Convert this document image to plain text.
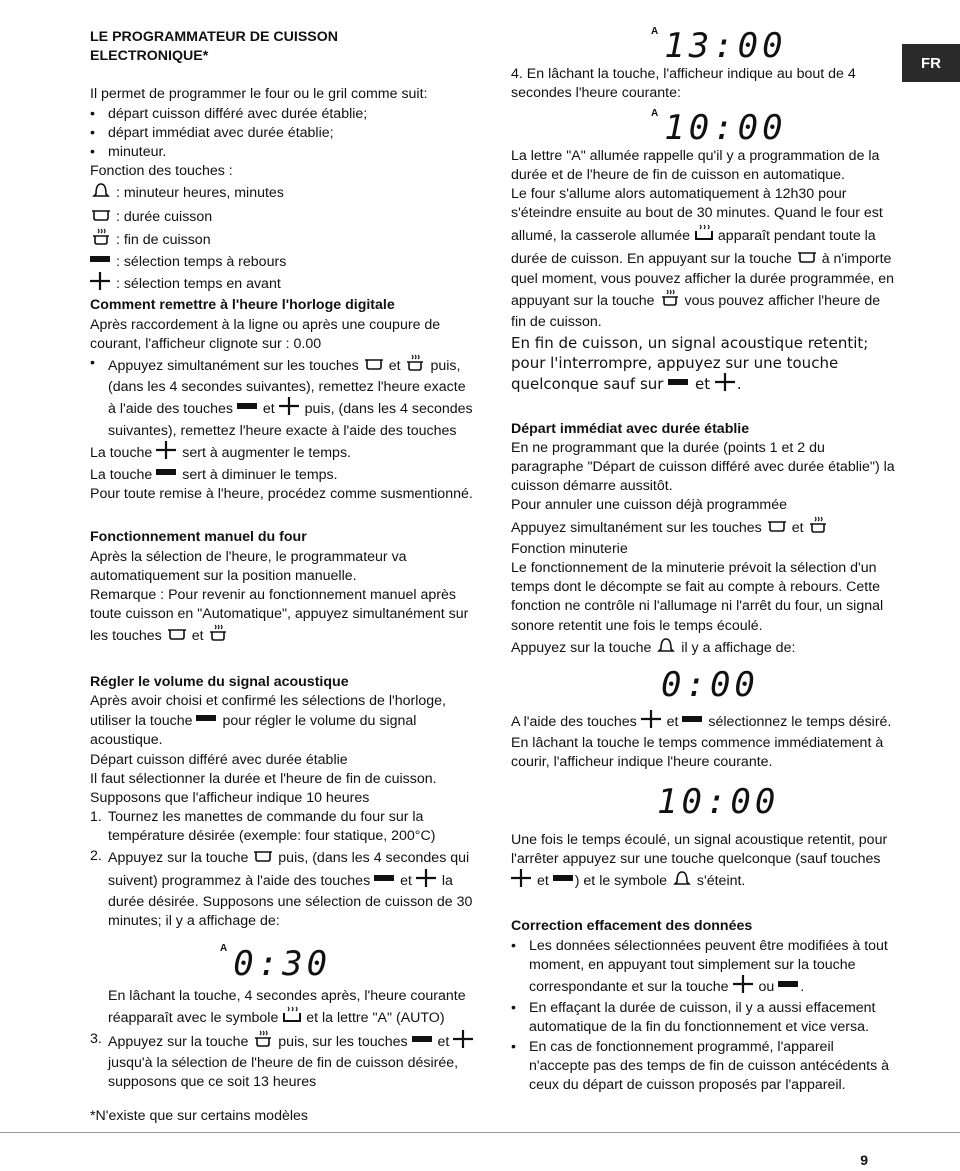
FR
LE PROGRAMMATEUR DE CUISSON
ELECTRONIQUE*

Il permet de programmer le four ou le gril comme suit:

• départ cuisson différé avec durée établie;

• départ immédiat avec durée établie;

• minuteur.

Fonction des touches :

: minuteur heures, minutes

: durée cuisson

: fin de cuisson

: sélection temps à rebours

: sélection temps en avant

Comment remettre à l'heure l'horloge digitale

Après raccordement à la ligne ou après une coupure de courant, l'afficheur clignote sur : 0.00

• Appuyez simultanément sur les touches et puis, (dans les 4 secondes suivantes), remettez l'heure exacte à l'aide des touches et puis, (dans les 4 secondes suivantes), remettez l'heure exacte à l'aide des touches

La touche sert à augmenter le temps.

La touche sert à diminuer le temps.

Pour toute remise à l'heure, procédez comme susmentionné.

Fonctionnement manuel du four

Après la sélection de l'heure, le programmateur va automatiquement sur la position manuelle.

Remarque : Pour revenir au fonctionnement manuel après toute cuisson en "Automatique", appuyez simultanément sur les touches et

Régler le volume du signal acoustique

Après avoir choisi et confirmé les sélections de l'horloge, utiliser la touche pour régler le volume du signal acoustique.

Départ cuisson différé avec durée établie

Il faut sélectionner la durée et l'heure de fin de cuisson.

Supposons que l'afficheur indique 10 heures

1. Tournez les manettes de commande du four sur la température désirée (exemple: four statique, 200°C)

2. Appuyez sur la touche puis, (dans les 4 secondes qui suivent) programmez à l'aide des touches et la durée désirée. Supposons une sélection de cuisson de 30 minutes; il y a affichage de:

A 0:30

En lâchant la touche, 4 secondes après, l'heure courante réapparaît avec le symbole et la lettre "A" (AUTO)

3. Appuyez sur la touche puis, sur les touches et  jusqu'à la sélection de l'heure de fin de cuisson désirée, supposons que ce soit 13 heures

*N'existe que sur certains modèles

A 13:00

4. En lâchant la touche, l'afficheur indique au bout de 4 secondes l'heure courante:

A 10:00

La lettre "A" allumée rappelle qu'il y a programmation de la durée et de l'heure de fin de cuisson en automatique.

Le four s'allume alors automatiquement à 12h30 pour s'éteindre ensuite au bout de 30 minutes. Quand le four est allumé, la casserole allumée apparaît pendant toute la durée de cuisson. En appuyant sur la touche à n'importe quel moment, vous pouvez afficher la durée programmée, en appuyant sur la touche vous pouvez afficher l'heure de fin de cuisson.

En fin de cuisson, un signal acoustique retentit; pour l'interrompre, appuyez sur une touche quelconque sauf sur et .

Départ immédiat avec durée établie

En ne programmant que la durée (points 1 et 2 du paragraphe "Départ de cuisson différé avec durée établie") la cuisson démarre aussitôt.

Pour annuler une cuisson déjà programmée

Appuyez simultanément sur les touches et

Fonction minuterie

Le fonctionnement de la minuterie prévoit la sélection d'un temps dont le décompte se fait au compte à rebours. Cette fonction ne contrôle ni l'allumage ni l'arrêt du four, un signal sonore retentit une fois le temps écoulé.

Appuyez sur la touche il y a affichage de:

0:00

A l'aide des touches et sélectionnez le temps désiré.

En lâchant la touche le temps commence immédiatement à courir, l'afficheur indique l'heure courante.

10:00

Une fois le temps écoulé, un signal acoustique retentit, pour l'arrêter appuyez sur une touche quelconque (sauf touches  et ) et le symbole s'éteint.

Correction effacement des données

• Les données sélectionnées peuvent être modifiées à tout moment, en appuyant tout simplement sur la touche correspondante et sur la touche ou .

• En effaçant la durée de cuisson, il y a aussi effacement automatique de la fin du fonctionnement et vice versa.

• En cas de fonctionnement programmé, l'appareil n'accepte pas des temps de fin de cuisson antécédents à ceux du départ de cuisson proposés par l'appareil.

9
